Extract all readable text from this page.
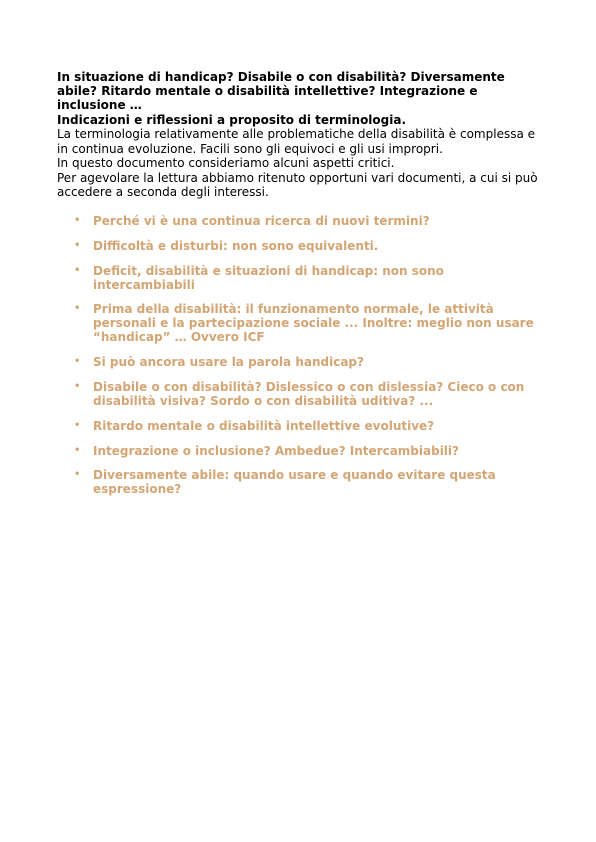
In situazione di handicap? Disabile o con disabilità? Diversamente abile? Ritardo mentale o disabilità intellettive? Integrazione e inclusione …

Indicazioni e riflessioni a proposito di terminologia.

La terminologia relativamente alle problematiche della disabilità è complessa e in continua evoluzione. Facili sono gli equivoci e gli usi impropri.

In questo documento consideriamo alcuni aspetti critici.

Per agevolare la lettura abbiamo ritenuto opportuni vari documenti, a cui si può accedere a seconda degli interessi.

• Perché vi è una continua ricerca di nuovi termini?
• Difficoltà e disturbi: non sono equivalenti.
• Deficit, disabilità e situazioni di handicap: non sono intercambiabili
• Prima della disabilità: il funzionamento normale, le attività personali e la partecipazione sociale ... Inoltre: meglio non usare “handicap” … Ovvero ICF
• Si può ancora usare la parola handicap?
• Disabile o con disabilità? Dislessico o con dislessia? Cieco o con disabilità visiva? Sordo o con disabilità uditiva? ...
• Ritardo mentale o disabilità intellettive evolutive?
• Integrazione o inclusione? Ambedue? Intercambiabili?
• Diversamente abile: quando usare e quando evitare questa espressione?
